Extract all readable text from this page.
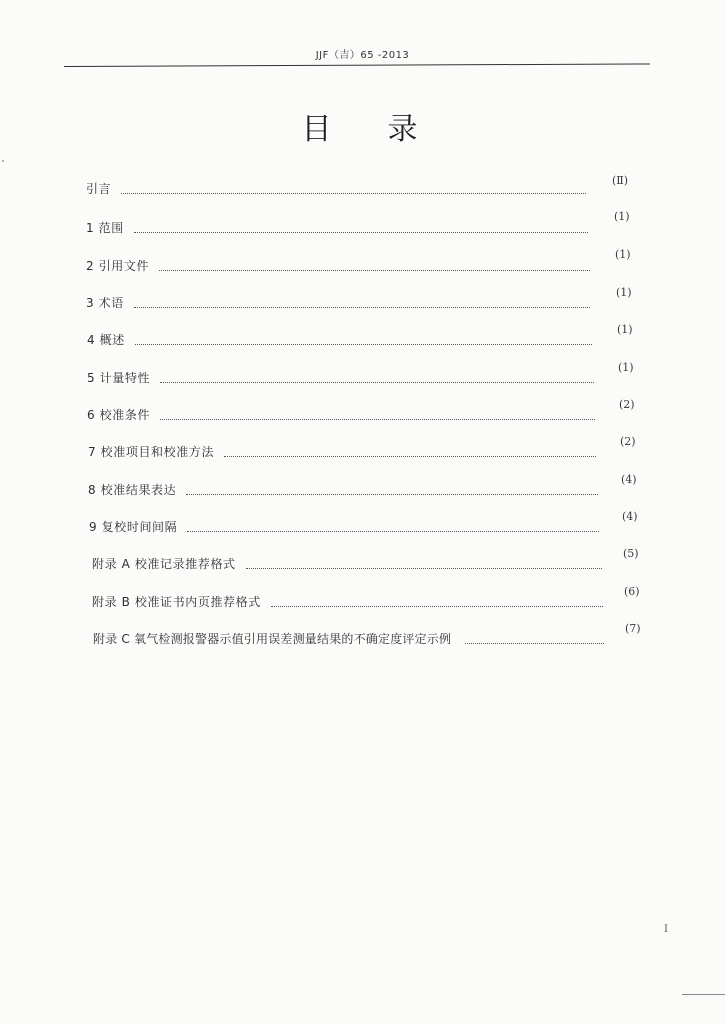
JJF（吉）65 -2013
目录
引言
(Ⅱ)
1 范围
(1)
2 引用文件
(1)
3 术语
(1)
4 概述
(1)
5 计量特性
(1)
6 校准条件
(2)
7 校准项目和校准方法
(2)
8 校准结果表达
(4)
9 复校时间间隔
(4)
附录 A 校准记录推荐格式
(5)
附录 B 校准证书内页推荐格式
(6)
附录 C 氧气检测报警器示值引用误差测量结果的不确定度评定示例
(7)
I
